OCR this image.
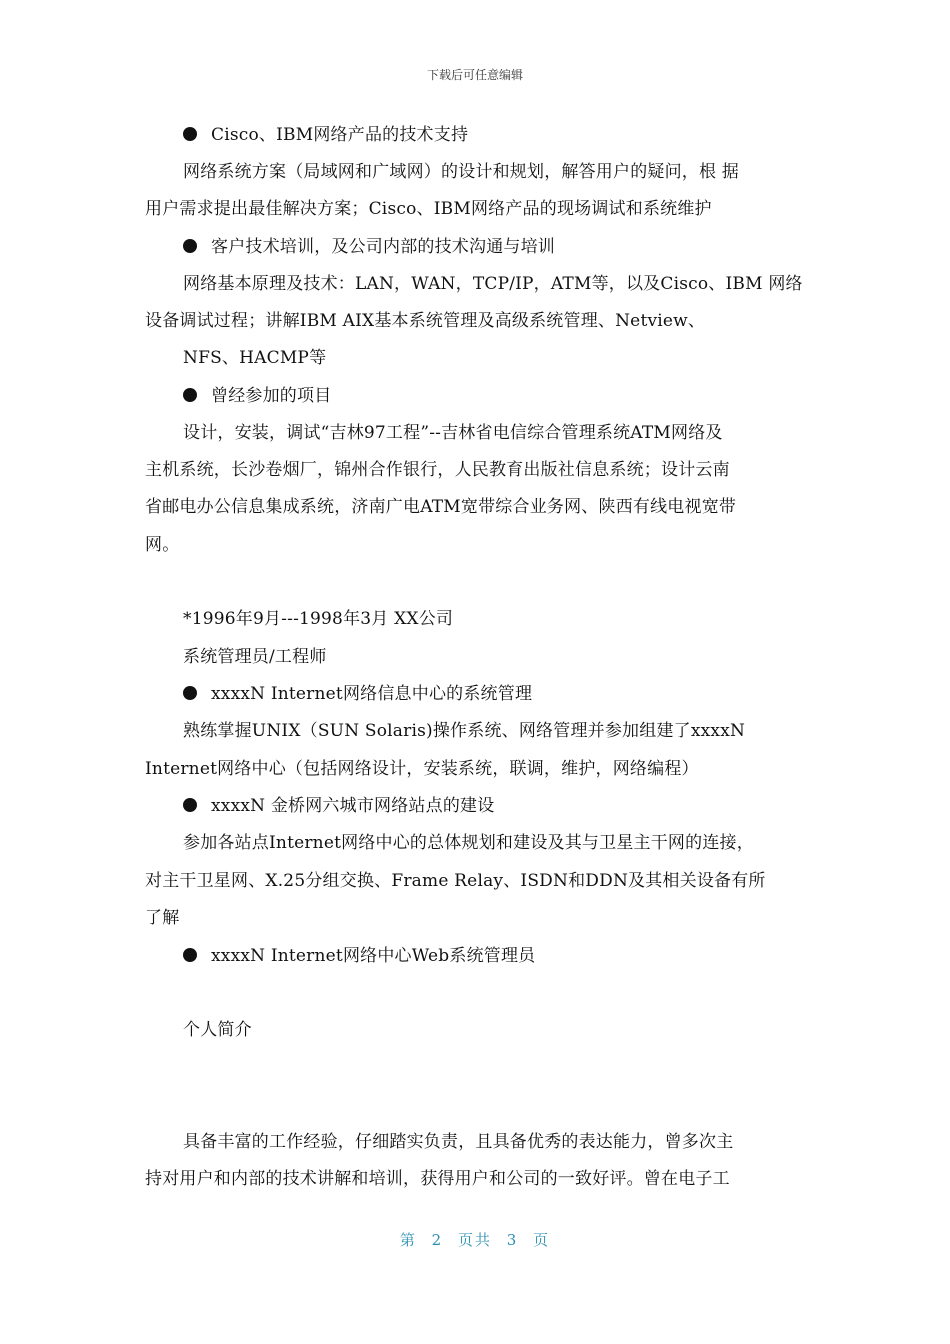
下载后可任意编辑
Cisco、IBM网络产品的技术支持
网络系统方案（局域网和广域网）的设计和规划，解答用户的疑问，根 据
用户需求提出最佳解决方案；Cisco、IBM网络产品的现场调试和系统维护
客户技术培训，及公司内部的技术沟通与培训
网络基本原理及技术：LAN，WAN，TCP/IP，ATM等，以及Cisco、IBM 网络
设备调试过程；讲解IBM AIX基本系统管理及高级系统管理、Netview、
NFS、HACMP等
曾经参加的项目
设计，安装，调试“吉林97工程”--吉林省电信综合管理系统ATM网络及
主机系统，长沙卷烟厂，锦州合作银行，人民教育出版社信息系统；设计云南
省邮电办公信息集成系统，济南广电ATM宽带综合业务网、陕西有线电视宽带
网。
*1996年9月---1998年3月 XX公司
系统管理员/工程师
xxxxN Internet网络信息中心的系统管理
熟练掌握UNIX（SUN Solaris)操作系统、网络管理并参加组建了xxxxN
Internet网络中心（包括网络设计，安装系统，联调，维护，网络编程）
xxxxN 金桥网六城市网络站点的建设
参加各站点Internet网络中心的总体规划和建设及其与卫星主干网的连接，
对主干卫星网、X.25分组交换、Frame Relay、ISDN和DDN及其相关设备有所
了解
xxxxN Internet网络中心Web系统管理员
个人简介
具备丰富的工作经验，仔细踏实负责，且具备优秀的表达能力，曾多次主
持对用户和内部的技术讲解和培训，获得用户和公司的一致好评。曾在电子工
第 2 页共 3 页
